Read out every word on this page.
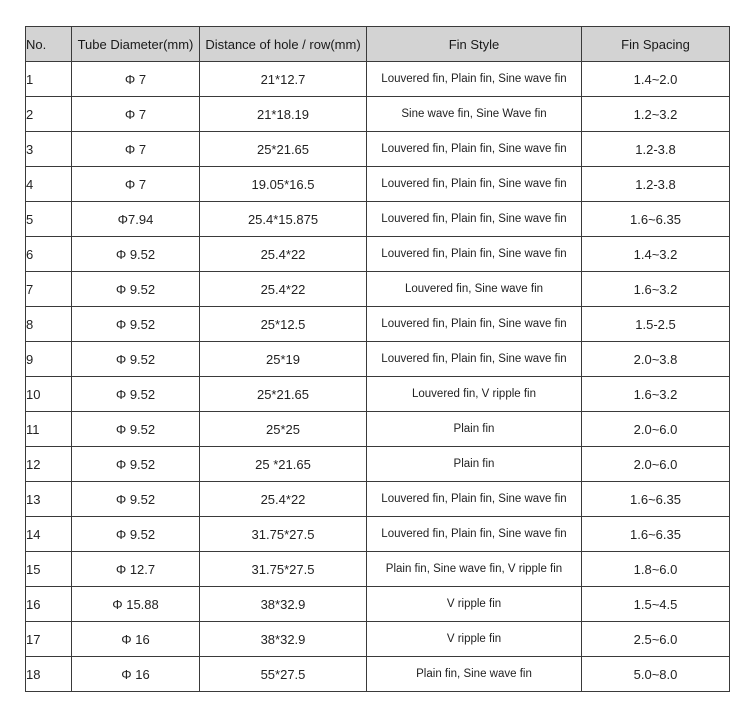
No.	Tube Diameter(mm)	Distance of hole / row(mm)	Fin Style	Fin Spacing
1	Φ 7	21*12.7	Louvered fin, Plain fin, Sine wave fin	1.4~2.0
2	Φ 7	21*18.19	Sine wave fin, Sine Wave fin	1.2~3.2
3	Φ 7	25*21.65	Louvered fin, Plain fin, Sine wave fin	1.2-3.8
4	Φ 7	19.05*16.5	Louvered fin, Plain fin, Sine wave fin	1.2-3.8
5	Φ7.94	25.4*15.875	Louvered fin, Plain fin, Sine wave fin	1.6~6.35
6	Φ 9.52	25.4*22	Louvered fin, Plain fin, Sine wave fin	1.4~3.2
7	Φ 9.52	25.4*22	Louvered fin, Sine wave fin	1.6~3.2
8	Φ 9.52	25*12.5	Louvered fin, Plain fin, Sine wave fin	1.5-2.5
9	Φ 9.52	25*19	Louvered fin, Plain fin, Sine wave fin	2.0~3.8
10	Φ 9.52	25*21.65	Louvered fin, V ripple fin	1.6~3.2
11	Φ 9.52	25*25	Plain fin	2.0~6.0
12	Φ 9.52	25 *21.65	Plain fin	2.0~6.0
13	Φ 9.52	25.4*22	Louvered fin, Plain fin, Sine wave fin	1.6~6.35
14	Φ 9.52	31.75*27.5	Louvered fin, Plain fin, Sine wave fin	1.6~6.35
15	Φ 12.7	31.75*27.5	Plain fin, Sine wave fin, V ripple fin	1.8~6.0
16	Φ 15.88	38*32.9	V ripple fin	1.5~4.5
17	Φ 16	38*32.9	V ripple fin	2.5~6.0
18	Φ 16	55*27.5	Plain fin, Sine wave fin	5.0~8.0
